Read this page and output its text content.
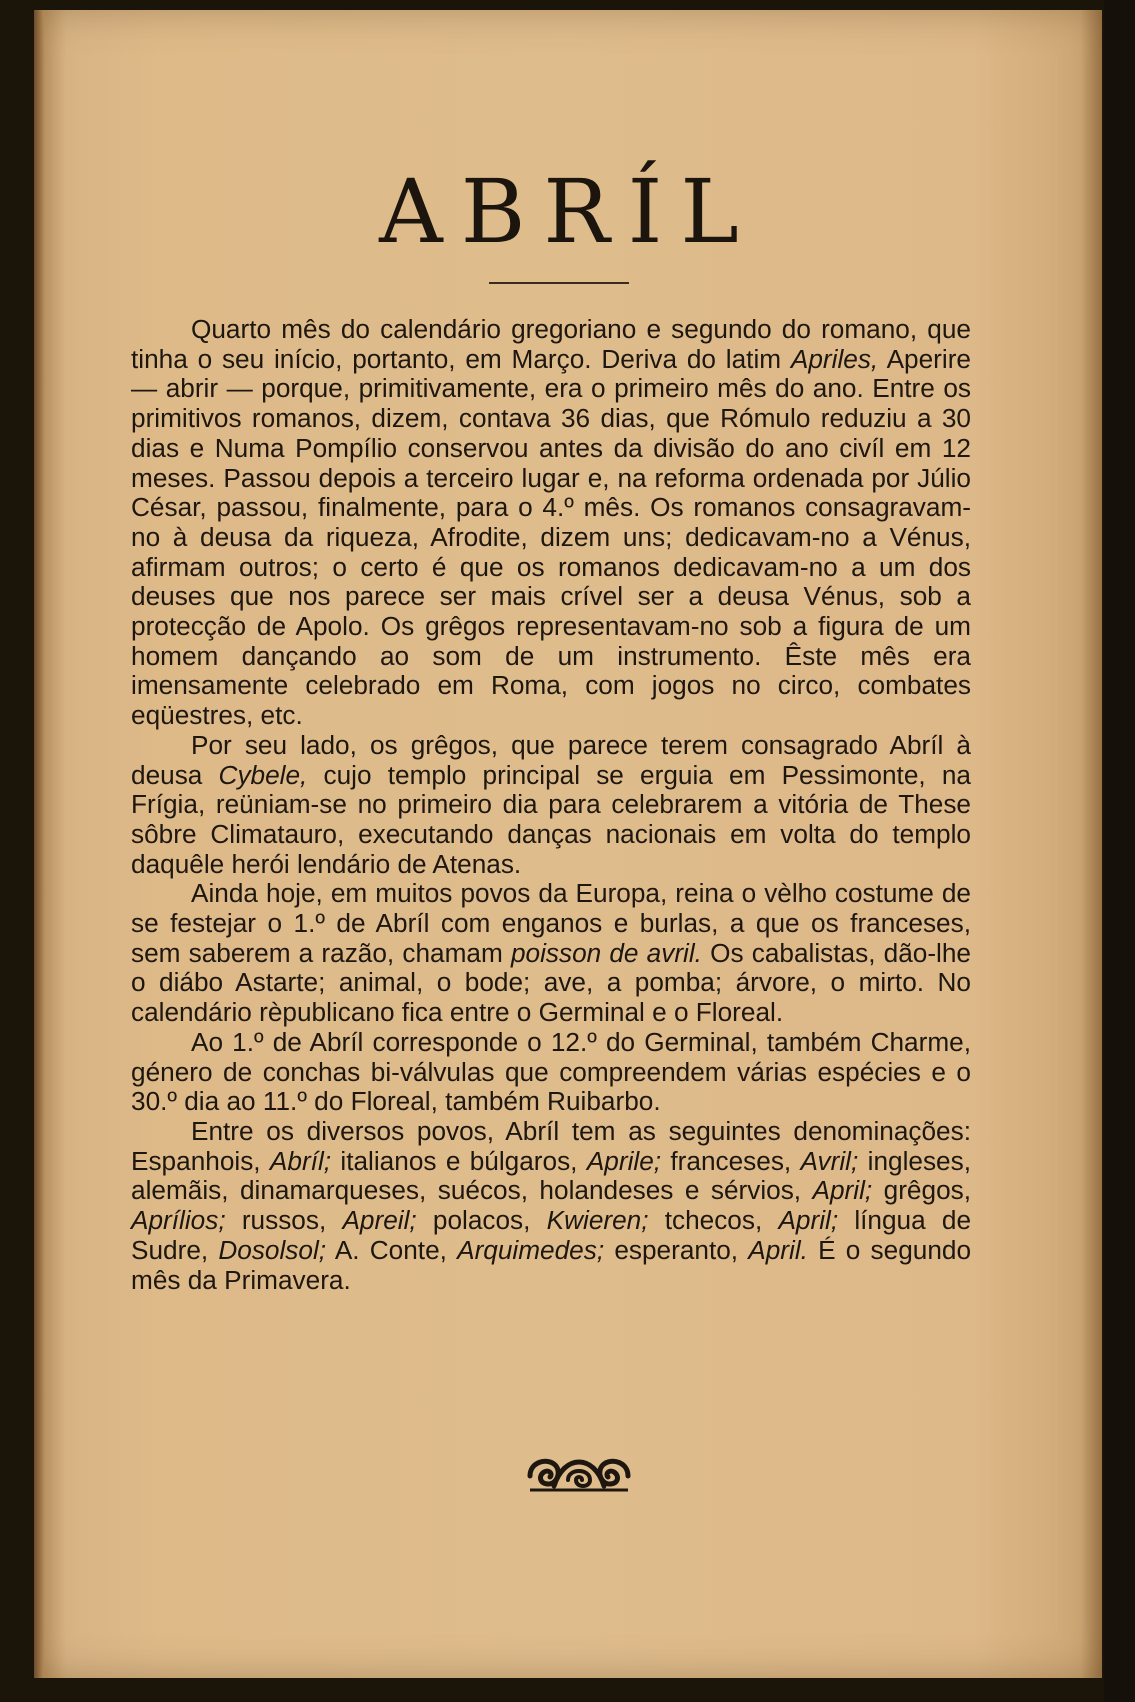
ABRÍL

Quarto mês do calendário gregoriano e segundo do romano, que tinha o seu início, portanto, em Março. Deriva do latim Apriles, Aperire — abrir — porque, primitivamente, era o primeiro mês do ano. Entre os primitivos romanos, dizem, contava 36 dias, que Rómulo reduziu a 30 dias e Numa Pompílio conservou antes da divisão do ano civíl em 12 meses. Passou depois a terceiro lugar e, na reforma ordenada por Júlio César, passou, finalmente, para o 4.º mês. Os romanos consagravam-no à deusa da riqueza, Afrodite, dizem uns; dedicavam-no a Vénus, afirmam outros; o certo é que os romanos dedicavam-no a um dos deuses que nos parece ser mais crível ser a deusa Vénus, sob a protecção de Apolo. Os grêgos representavam-no sob a figura de um homem dançando ao som de um instrumento. Êste mês era imensamente celebrado em Roma, com jogos no circo, combates eqüestres, etc.

Por seu lado, os grêgos, que parece terem consagrado Abríl à deusa Cybele, cujo templo principal se erguia em Pessimonte, na Frígia, reüniam-se no primeiro dia para celebrarem a vitória de These sôbre Climatauro, executando danças nacionais em volta do templo daquêle herói lendário de Atenas.

Ainda hoje, em muitos povos da Europa, reina o vèlho costume de se festejar o 1.º de Abríl com enganos e burlas, a que os franceses, sem saberem a razão, chamam poisson de avril. Os cabalistas, dão-lhe o diábo Astarte; animal, o bode; ave, a pomba; árvore, o mirto. No calendário rèpublicano fica entre o Germinal e o Floreal.

Ao 1.º de Abríl corresponde o 12.º do Germinal, também Charme, género de conchas bi-válvulas que compreendem várias espécies e o 30.º dia ao 11.º do Floreal, também Ruibarbo.

Entre os diversos povos, Abríl tem as seguintes denominações: Espanhois, Abríl; italianos e búlgaros, Aprile; franceses, Avril; ingleses, alemãis, dinamarqueses, suécos, holandeses e sérvios, April; grêgos, Aprílios; russos, Apreil; polacos, Kwieren; tchecos, April; língua de Sudre, Dosolsol; A. Conte, Arquimedes; esperanto, April. É o segundo mês da Primavera.
